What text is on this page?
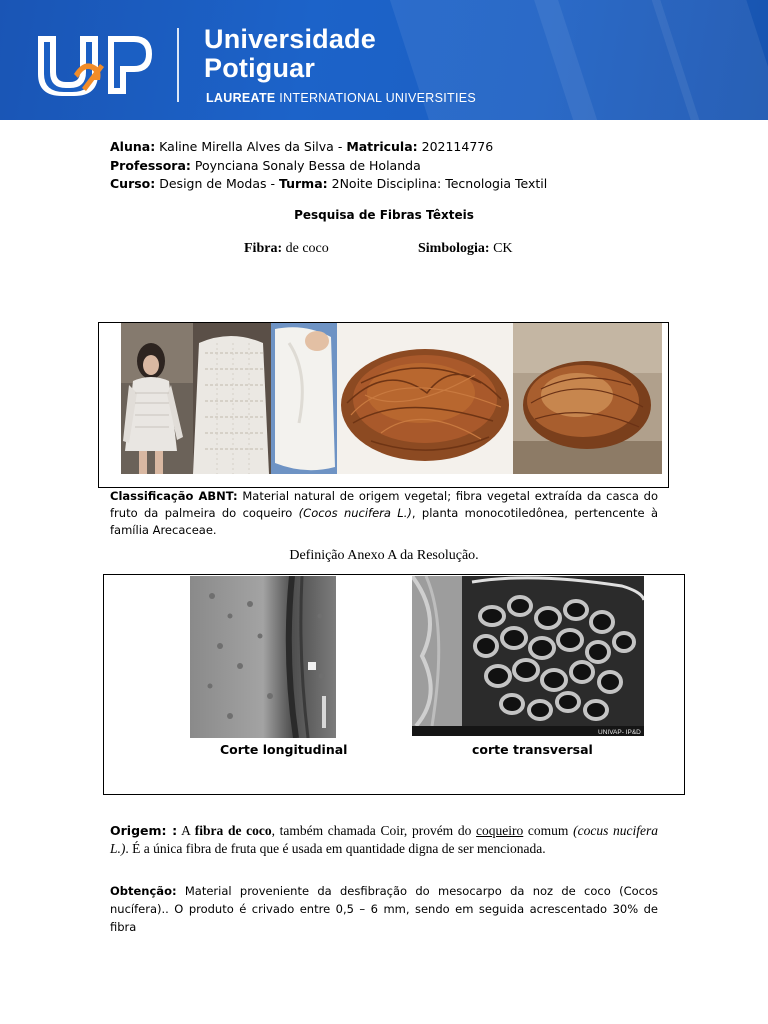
Universidade
Potiguar
LAUREATE INTERNATIONAL UNIVERSITIES
Aluna: Kaline Mirella Alves da Silva - Matricula: 202114776
Professora: Poynciana Sonaly Bessa de Holanda
Curso: Design de Modas - Turma: 2Noite Disciplina: Tecnologia Textil
Pesquisa de Fibras Têxteis
Fibra: de coco	Simbologia: CK
Classificação ABNT: Material natural de origem vegetal; fibra vegetal extraída da casca do fruto da palmeira do coqueiro (Cocos nucifera L.), planta monocotiledônea, pertencente à família Arecaceae.
Definição Anexo A da Resolução.
UNIVAP- IP&D
Corte longitudinal	corte transversal
Origem: : A fibra de coco, também chamada Coir, provém do coqueiro comum (cocus nucifera L.). É a única fibra de fruta que é usada em quantidade digna de ser mencionada.
Obtenção: Material proveniente da desfibração do mesocarpo da noz de coco (Cocos nucífera).. O produto é crivado entre 0,5 – 6 mm, sendo em seguida acrescentado 30% de fibra
